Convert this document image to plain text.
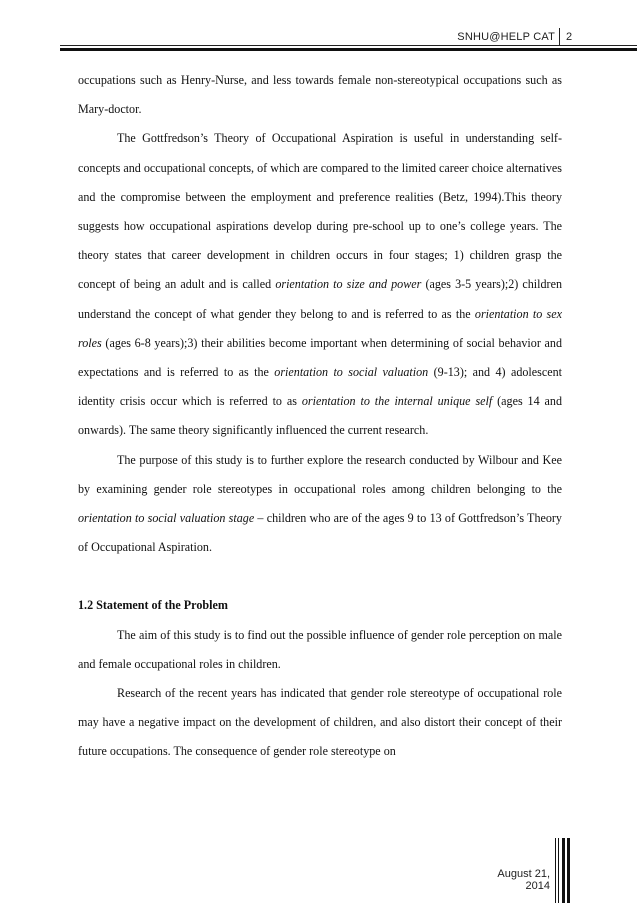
SNHU@HELP CAT 2

occupations such as Henry-Nurse, and less towards female non-stereotypical occupations such as Mary-doctor.

The Gottfredson’s Theory of Occupational Aspiration is useful in understanding self-concepts and occupational concepts, of which are compared to the limited career choice alternatives and the compromise between the employment and preference realities (Betz, 1994).This theory suggests how occupational aspirations develop during pre-school up to one’s college years. The theory states that career development in children occurs in four stages; 1) children grasp the concept of being an adult and is called orientation to size and power (ages 3-5 years);2) children understand the concept of what gender they belong to and is referred to as the orientation to sex roles (ages 6-8 years);3) their abilities become important when determining of social behavior and expectations and is referred to as the orientation to social valuation (9-13); and 4) adolescent identity crisis occur which is referred to as orientation to the internal unique self (ages 14 and onwards). The same theory significantly influenced the current research.

The purpose of this study is to further explore the research conducted by Wilbour and Kee by examining gender role stereotypes in occupational roles among children belonging to the orientation to social valuation stage – children who are of the ages 9 to 13 of Gottfredson’s Theory of Occupational Aspiration.

1.2 Statement of the Problem

The aim of this study is to find out the possible influence of gender role perception on male and female occupational roles in children.

Research of the recent years has indicated that gender role stereotype of occupational role may have a negative impact on the development of children, and also distort their concept of their future occupations. The consequence of gender role stereotype on

August 21, 2014
